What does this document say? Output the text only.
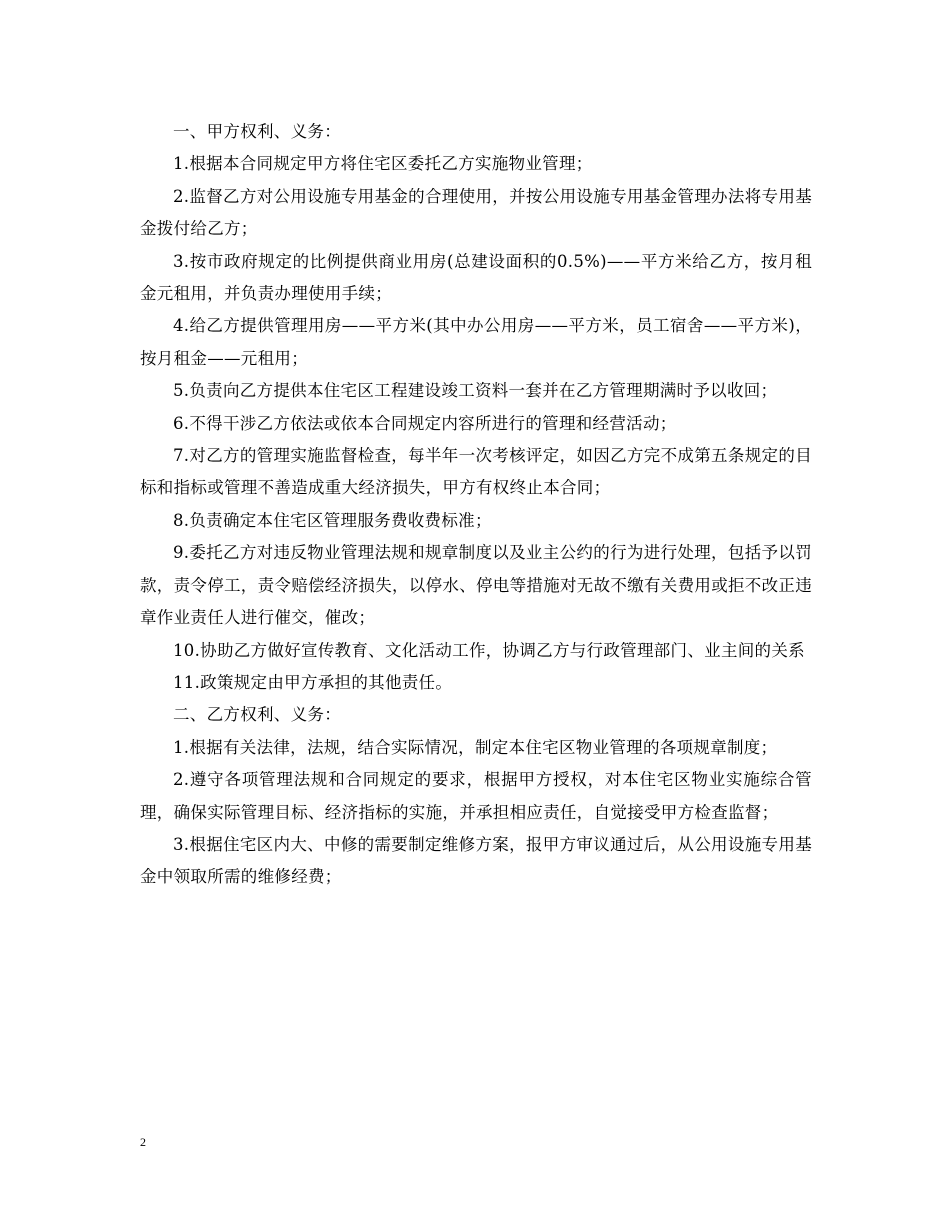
一、甲方权利、义务：

1.根据本合同规定甲方将住宅区委托乙方实施物业管理；

2.监督乙方对公用设施专用基金的合理使用，并按公用设施专用基金管理办法将专用基金拨付给乙方；

3.按市政府规定的比例提供商业用房(总建设面积的0.5%)——平方米给乙方，按月租金元租用，并负责办理使用手续；

4.给乙方提供管理用房——平方米(其中办公用房——平方米，员工宿舍——平方米)，按月租金——元租用；

5.负责向乙方提供本住宅区工程建设竣工资料一套并在乙方管理期满时予以收回；

6.不得干涉乙方依法或依本合同规定内容所进行的管理和经营活动；

7.对乙方的管理实施监督检查，每半年一次考核评定，如因乙方完不成第五条规定的目标和指标或管理不善造成重大经济损失，甲方有权终止本合同；

8.负责确定本住宅区管理服务费收费标准；

9.委托乙方对违反物业管理法规和规章制度以及业主公约的行为进行处理，包括予以罚款，责令停工，责令赔偿经济损失，以停水、停电等措施对无故不缴有关费用或拒不改正违章作业责任人进行催交，催改；

10.协助乙方做好宣传教育、文化活动工作，协调乙方与行政管理部门、业主间的关系

11.政策规定由甲方承担的其他责任。

二、乙方权利、义务：

1.根据有关法律，法规，结合实际情况，制定本住宅区物业管理的各项规章制度；

2.遵守各项管理法规和合同规定的要求，根据甲方授权，对本住宅区物业实施综合管理，确保实际管理目标、经济指标的实施，并承担相应责任，自觉接受甲方检查监督；

3.根据住宅区内大、中修的需要制定维修方案，报甲方审议通过后，从公用设施专用基金中领取所需的维修经费；

2
